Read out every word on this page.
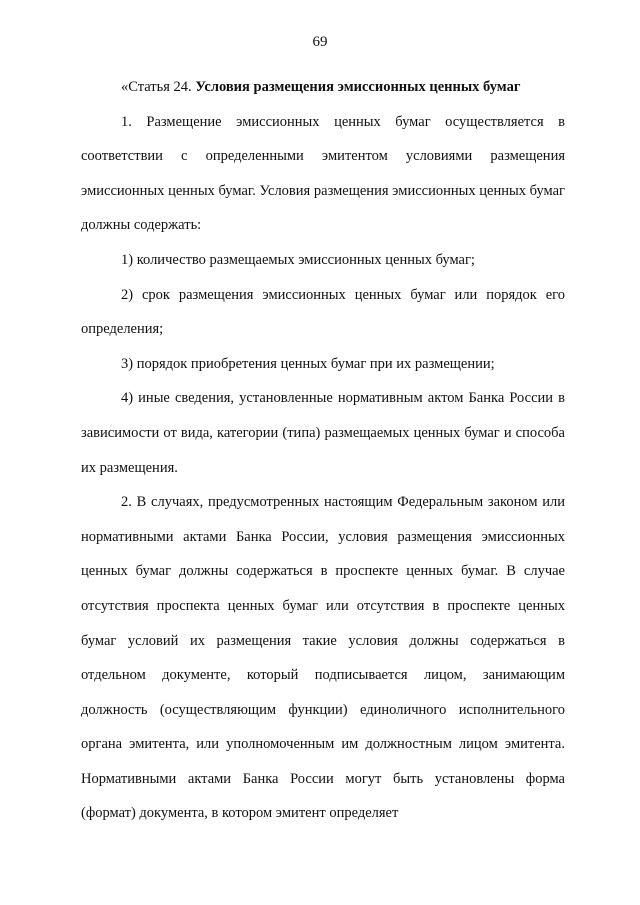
69

«Статья 24. Условия размещения эмиссионных ценных бумаг

1. Размещение эмиссионных ценных бумаг осуществляется в соответствии с определенными эмитентом условиями размещения эмиссионных ценных бумаг. Условия размещения эмиссионных ценных бумаг должны содержать:

1) количество размещаемых эмиссионных ценных бумаг;

2) срок размещения эмиссионных ценных бумаг или порядок его определения;

3) порядок приобретения ценных бумаг при их размещении;

4) иные сведения, установленные нормативным актом Банка России в зависимости от вида, категории (типа) размещаемых ценных бумаг и способа их размещения.

2. В случаях, предусмотренных настоящим Федеральным законом или нормативными актами Банка России, условия размещения эмиссионных ценных бумаг должны содержаться в проспекте ценных бумаг. В случае отсутствия проспекта ценных бумаг или отсутствия в проспекте ценных бумаг условий их размещения такие условия должны содержаться в отдельном документе, который подписывается лицом, занимающим должность (осуществляющим функции) единоличного исполнительного органа эмитента, или уполномоченным им должностным лицом эмитента. Нормативными актами Банка России могут быть установлены форма (формат) документа, в котором эмитент определяет
